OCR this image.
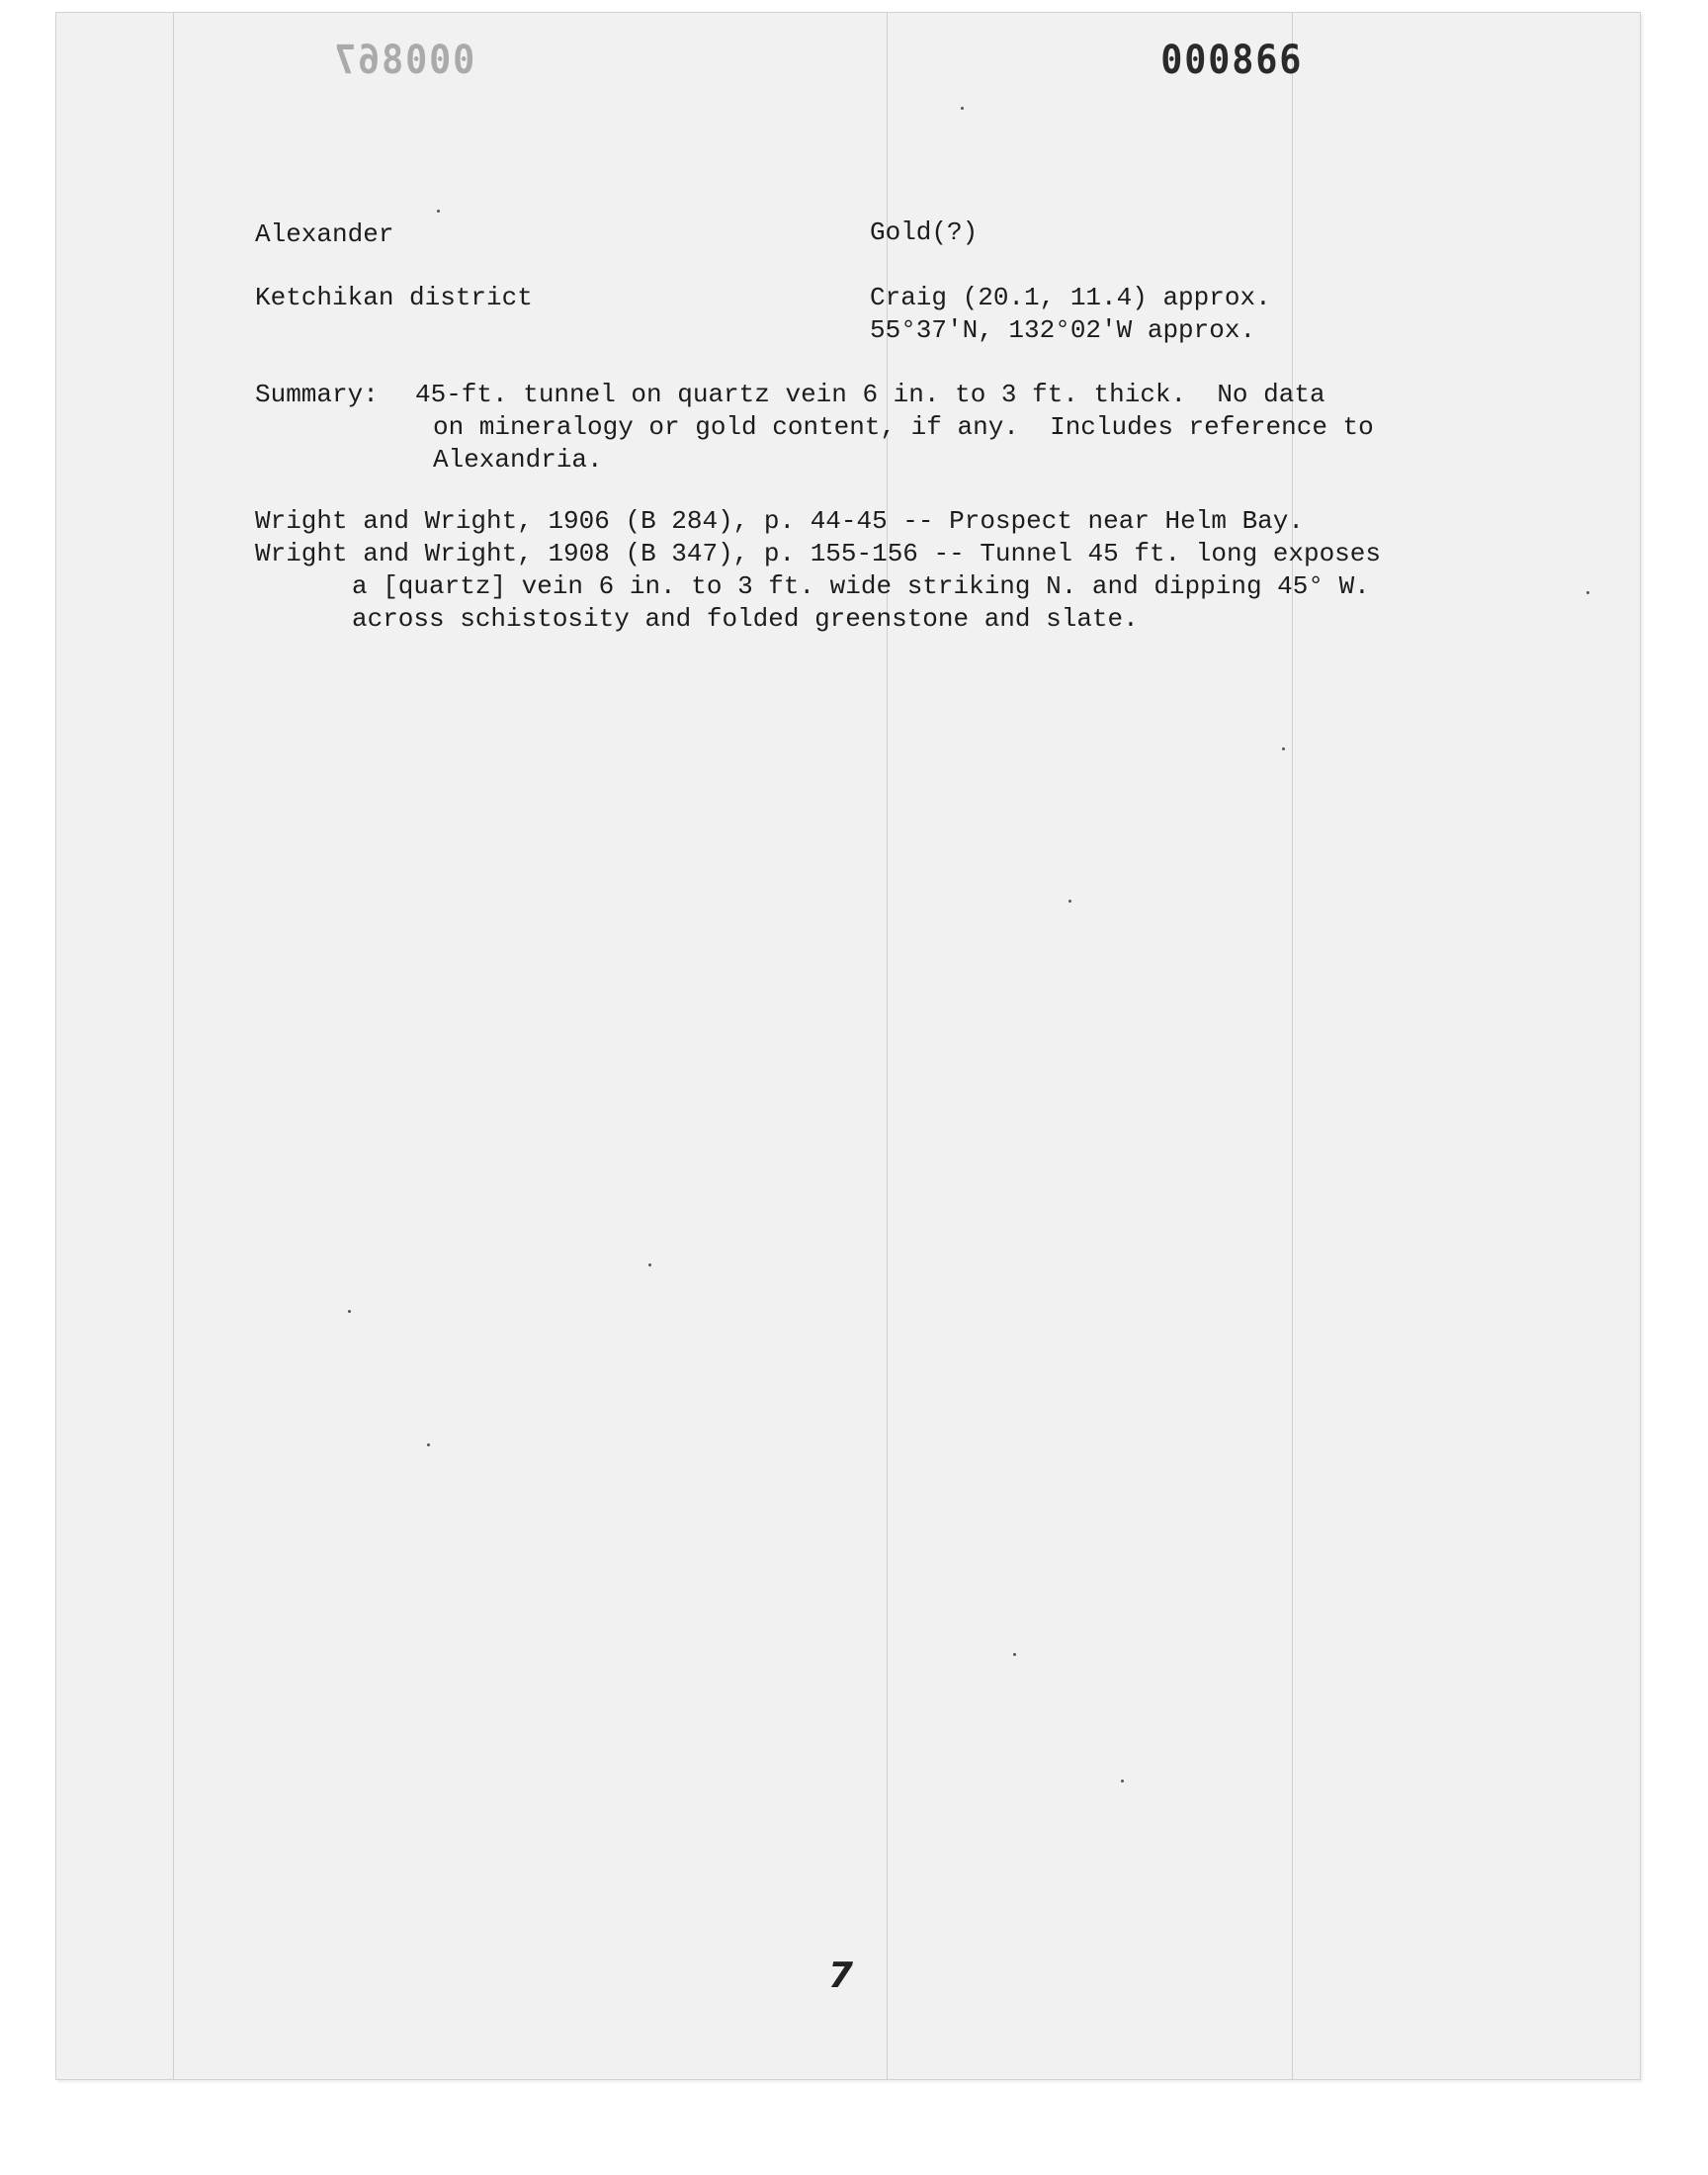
000867	000866
Alexander	Gold(?)
Ketchikan district	Craig (20.1, 11.4) approx.
55°37'N, 132°02'W approx.
Summary: 45-ft. tunnel on quartz vein 6 in. to 3 ft. thick.  No data
on mineralogy or gold content, if any.  Includes reference to
Alexandria.
Wright and Wright, 1906 (B 284), p. 44-45 -- Prospect near Helm Bay.
Wright and Wright, 1908 (B 347), p. 155-156 -- Tunnel 45 ft. long exposes
a [quartz] vein 6 in. to 3 ft. wide striking N. and dipping 45° W.
across schistosity and folded greenstone and slate.
7
